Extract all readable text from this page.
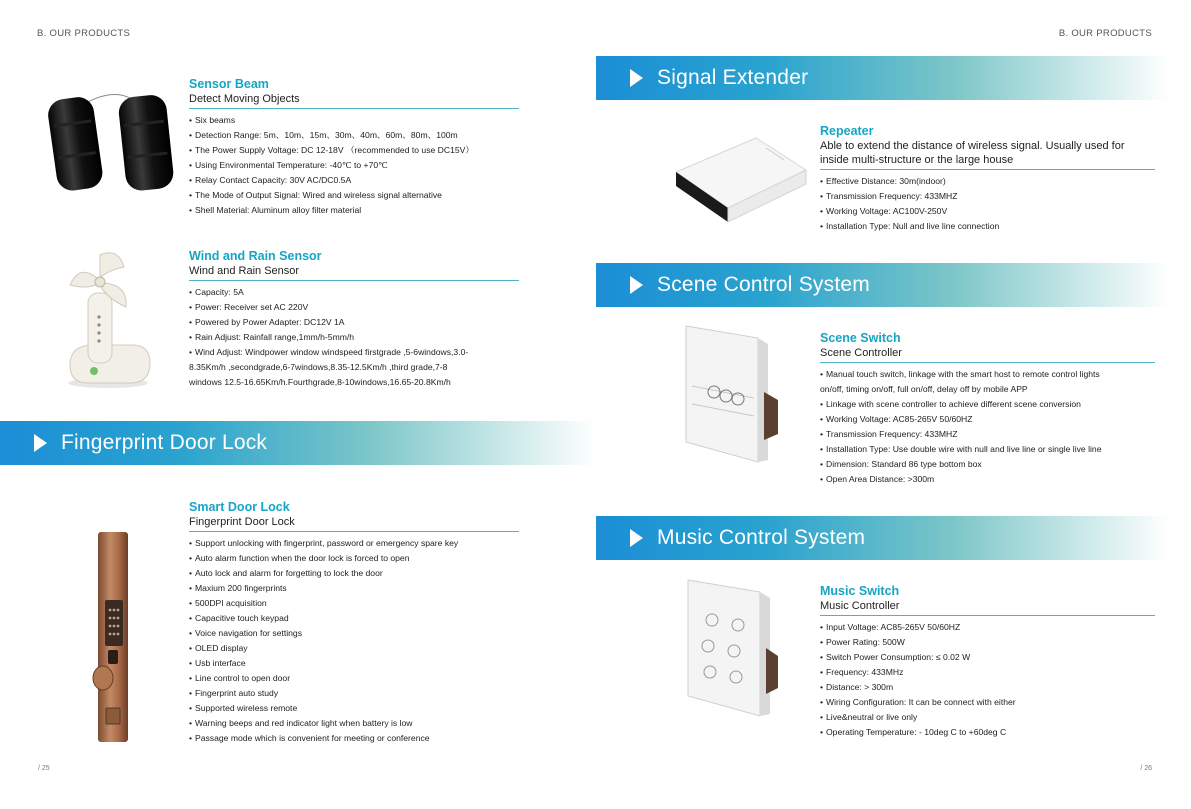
B. OUR PRODUCTS
Sensor Beam
Detect Moving Objects
• Six beams
• Detection Range: 5m、10m、15m、30m、40m、60m、80m、100m
• The Power Supply Voltage: DC 12-18V （recommended to use DC15V）
• Using Environmental Temperature: -40℃ to +70℃
• Relay Contact Capacity: 30V AC/DC0.5A
• The Mode of Output Signal: Wired and wireless signal alternative
• Shell Material: Aluminum alloy filter material
Wind and Rain Sensor
Wind and Rain Sensor
• Capacity: 5A
• Power: Receiver set AC 220V
• Powered by Power Adapter: DC12V 1A
• Rain Adjust: Rainfall range,1mm/h-5mm/h
• Wind Adjust: Windpower window windspeed firstgrade ,5-6windows,3.0-
8.35Km/h ,secondgrade,6-7windows,8.35-12.5Km/h ,third grade,7-8
windows 12.5-16.65Km/h.Fourthgrade,8-10windows,16.65-20.8Km/h
Fingerprint Door Lock
Smart Door Lock
Fingerprint Door Lock
• Support unlocking with fingerprint, password or emergency spare key
• Auto alarm function when the door lock is forced to open
• Auto lock and alarm for forgetting to lock the door
• Maxium 200 fingerprints
• 500DPI acquisition
• Capacitive touch keypad
• Voice navigation for settings
• OLED display
• Usb interface
• Line control to open door
• Fingerprint auto study
• Supported wireless remote
• Warning beeps and red indicator light when battery is low
• Passage mode which is convenient for meeting or conference
/ 25
B. OUR PRODUCTS
Signal Extender
Repeater
Able to extend the distance of wireless signal. Usually used for
inside multi-structure or the large house
• Effective Distance: 30m(indoor)
• Transmission Frequency: 433MHZ
• Working Voltage: AC100V-250V
• Installation Type: Null and live line connection
Scene Control System
Scene Switch
Scene Controller
• Manual touch switch, linkage with the smart host to remote control lights
on/off, timing on/off, full on/off, delay off by mobile APP
• Linkage with scene controller to achieve different scene conversion
• Working Voltage: AC85-265V 50/60HZ
• Transmission Frequency: 433MHZ
• Installation Type: Use double wire with null and live line or single live line
• Dimension: Standard 86 type bottom box
• Open Area Distance: >300m
Music Control System
Music Switch
Music Controller
• Input Voltage: AC85-265V 50/60HZ
• Power Rating: 500W
• Switch Power Consumption: ≤ 0.02 W
• Frequency: 433MHz
• Distance: > 300m
• Wiring Configuration: It can be connect with either
• Live&neutral or live only
• Operating Temperature: - 10deg C to +60deg C
/ 26
